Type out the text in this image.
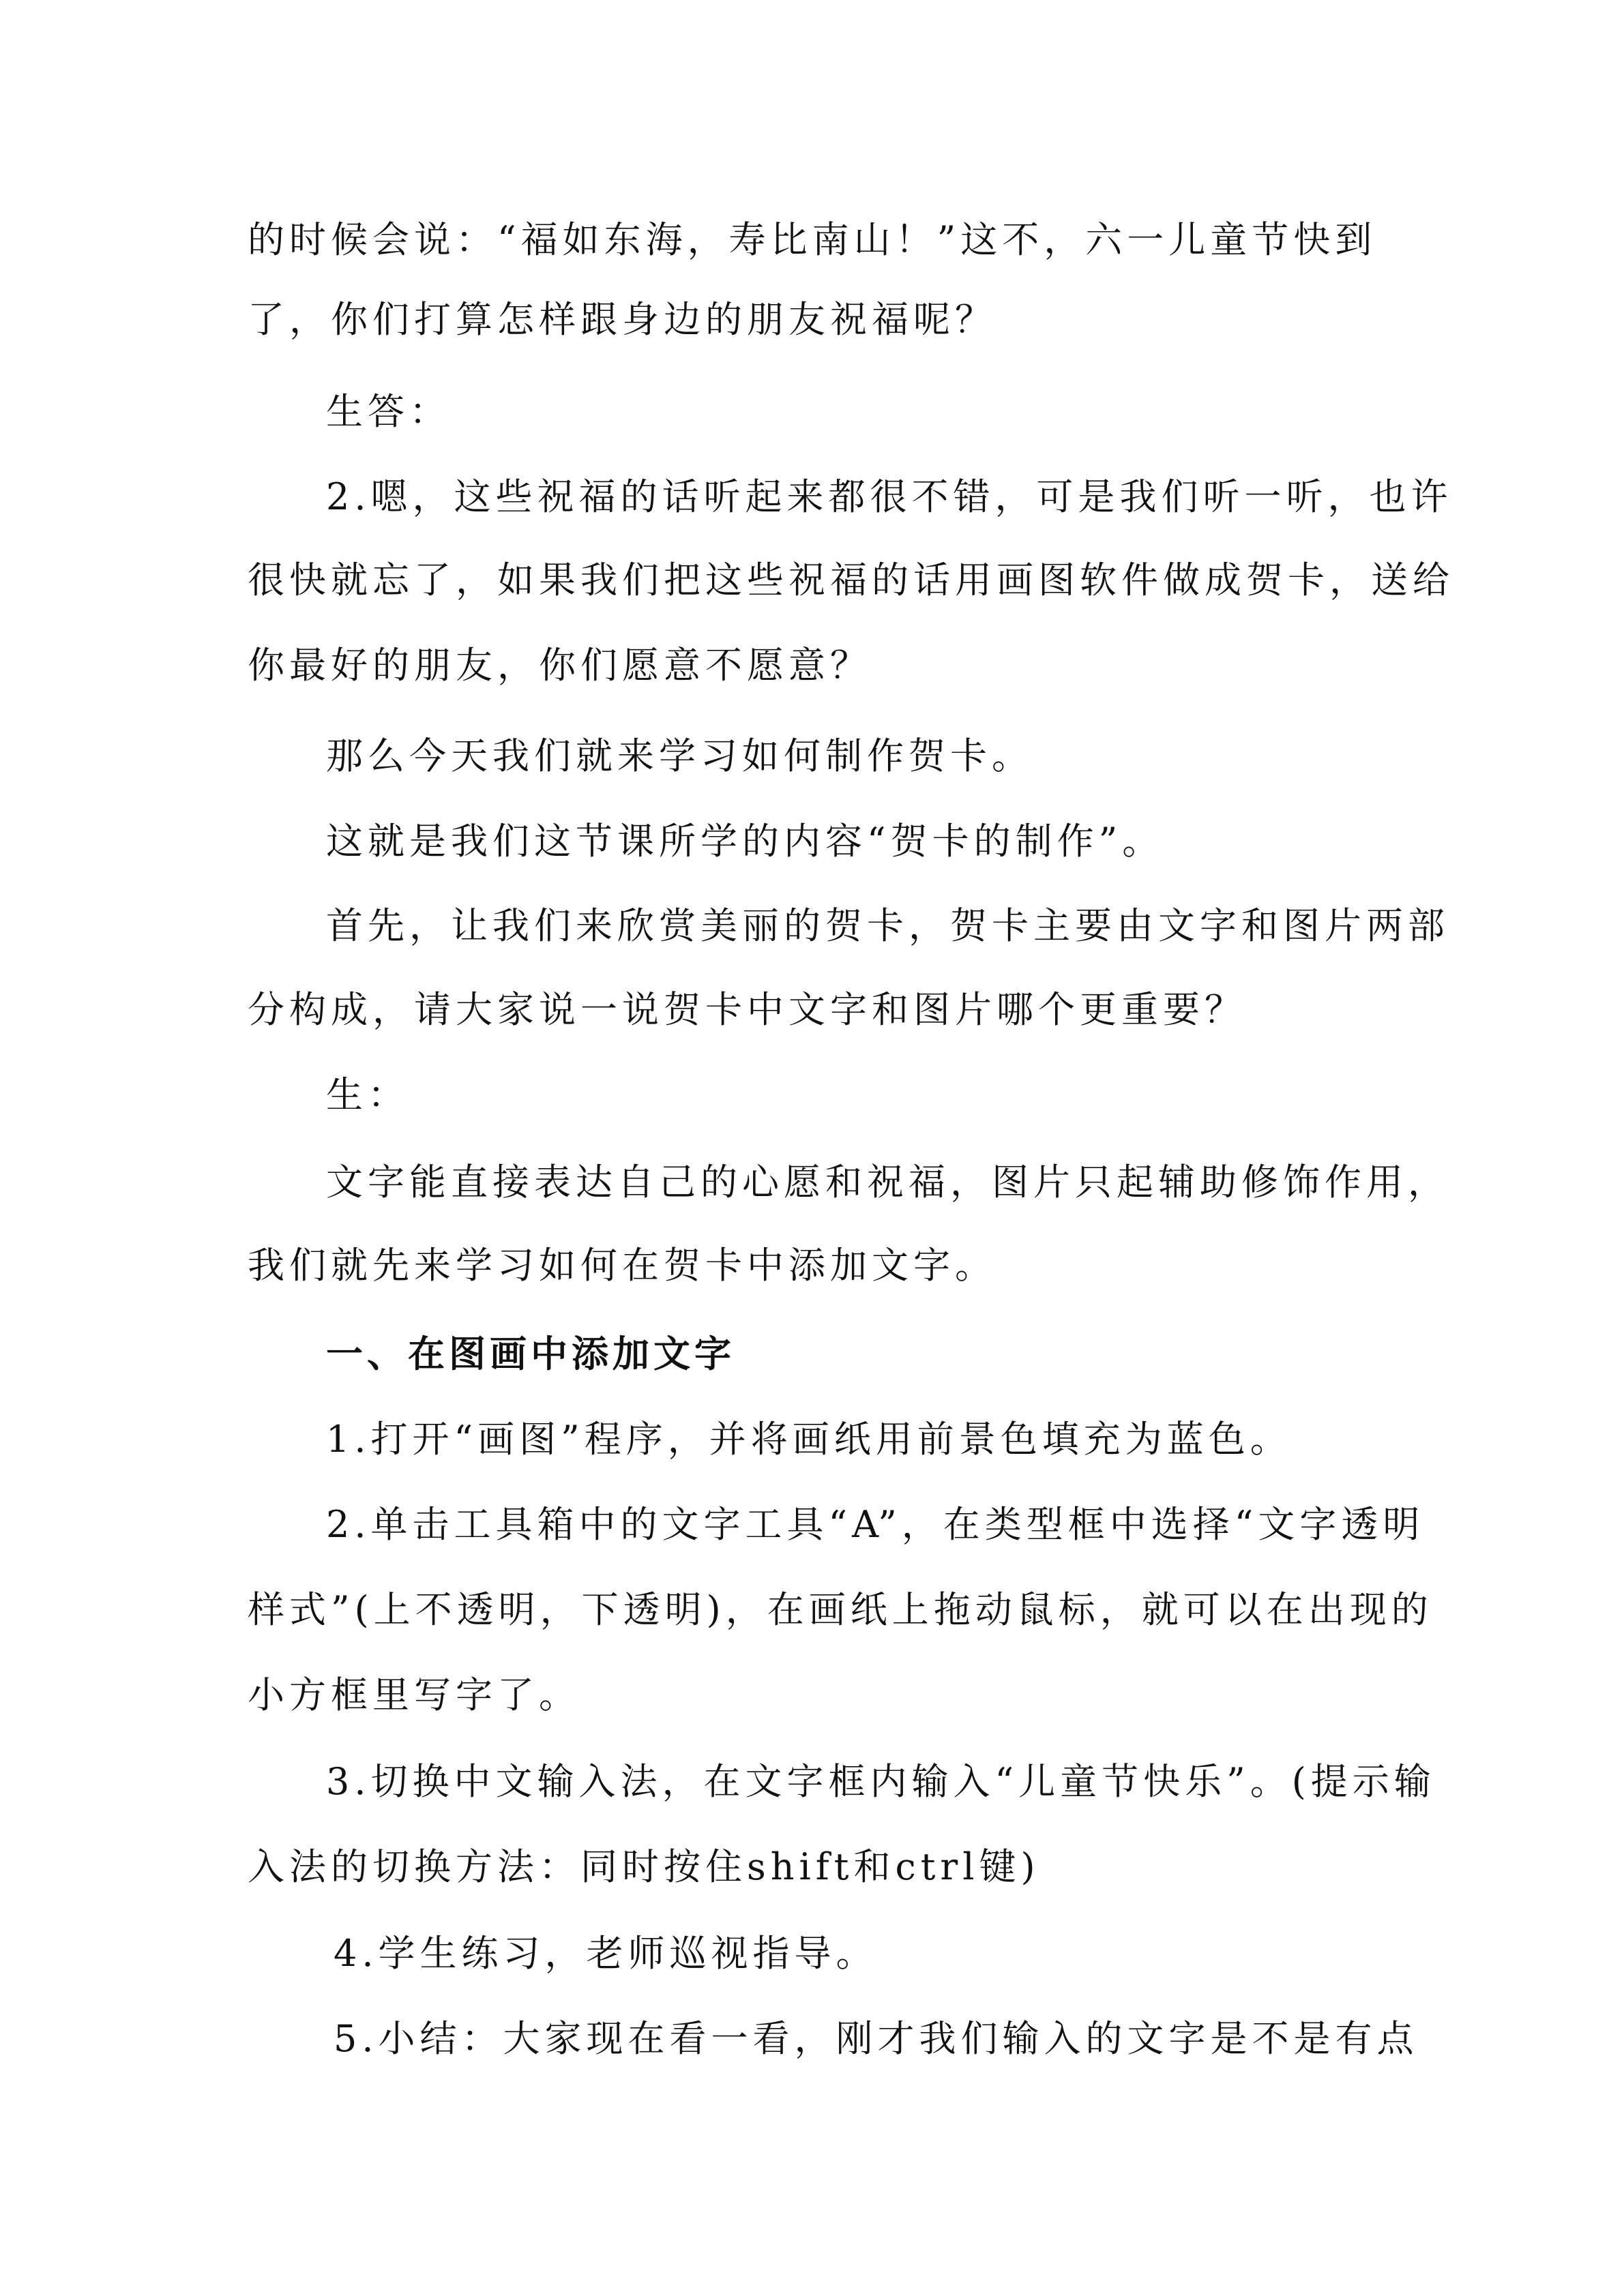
的时候会说：“福如东海，寿比南山！”这不，六一儿童节快到
了，你们打算怎样跟身边的朋友祝福呢？
生答：
2.嗯，这些祝福的话听起来都很不错，可是我们听一听，也许
很快就忘了，如果我们把这些祝福的话用画图软件做成贺卡，送给
你最好的朋友，你们愿意不愿意？
那么今天我们就来学习如何制作贺卡。
这就是我们这节课所学的内容“贺卡的制作”。
首先，让我们来欣赏美丽的贺卡，贺卡主要由文字和图片两部
分构成，请大家说一说贺卡中文字和图片哪个更重要？
生：
文字能直接表达自己的心愿和祝福，图片只起辅助修饰作用，
我们就先来学习如何在贺卡中添加文字。
一、在图画中添加文字
1.打开“画图”程序，并将画纸用前景色填充为蓝色。
2.单击工具箱中的文字工具“A”，在类型框中选择“文字透明
样式”(上不透明，下透明)，在画纸上拖动鼠标，就可以在出现的
小方框里写字了。
3.切换中文输入法，在文字框内输入“儿童节快乐”。(提示输
入法的切换方法：同时按住shift和ctrl键)
4.学生练习，老师巡视指导。
5.小结：大家现在看一看，刚才我们输入的文字是不是有点
